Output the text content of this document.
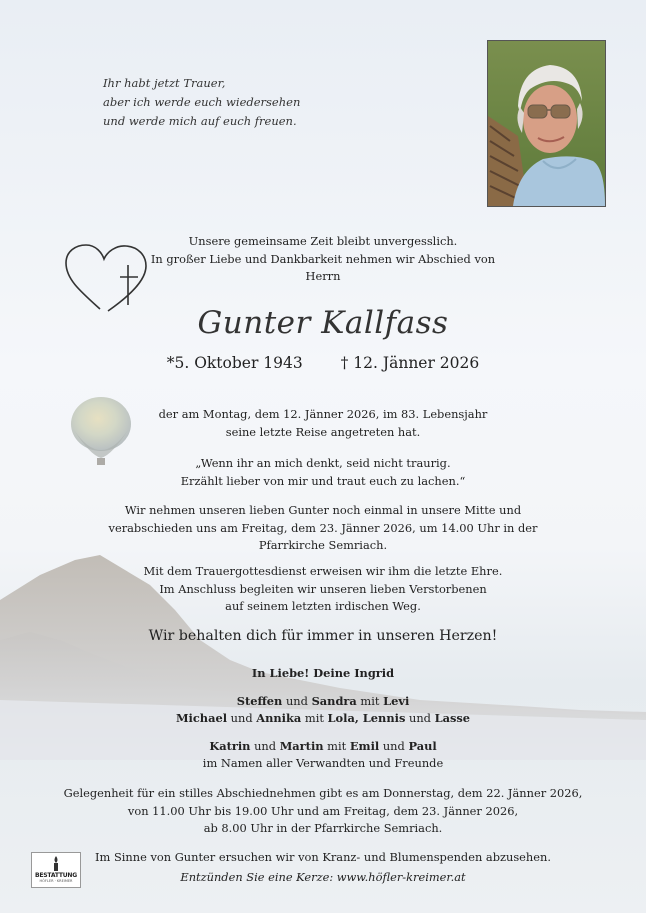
Ihr habt jetzt Trauer,
aber ich werde euch wiedersehen
und werde mich auf euch freuen.
Unsere gemeinsame Zeit bleibt unvergesslich.
In großer Liebe und Dankbarkeit nehmen wir Abschied von
Herrn
Gunter Kallfass
*5. Oktober 1943 † 12. Jänner 2026
der am Montag, dem 12. Jänner 2026, im 83. Lebensjahr
seine letzte Reise angetreten hat.
„Wenn ihr an mich denkt, seid nicht traurig.
Erzählt lieber von mir und traut euch zu lachen.“
Wir nehmen unseren lieben Gunter noch einmal in unsere Mitte und
verabschieden uns am Freitag, dem 23. Jänner 2026, um 14.00 Uhr in der
Pfarrkirche Semriach.
Mit dem Trauergottesdienst erweisen wir ihm die letzte Ehre.
Im Anschluss begleiten wir unseren lieben Verstorbenen
auf seinem letzten irdischen Weg.
Wir behalten dich für immer in unseren Herzen!
In Liebe! Deine Ingrid
Steffen und Sandra mit Levi
Michael und Annika mit Lola, Lennis und Lasse
Katrin und Martin mit Emil und Paul
im Namen aller Verwandten und Freunde
Gelegenheit für ein stilles Abschiednehmen gibt es am Donnerstag, dem 22. Jänner 2026,
von 11.00 Uhr bis 19.00 Uhr und am Freitag, dem 23. Jänner 2026,
ab 8.00 Uhr in der Pfarrkirche Semriach.
Im Sinne von Gunter ersuchen wir von Kranz- und Blumenspenden abzusehen.
Entzünden Sie eine Kerze: www.höfler-kreimer.at
BESTATTUNG
HÖFLER · KREIMER
